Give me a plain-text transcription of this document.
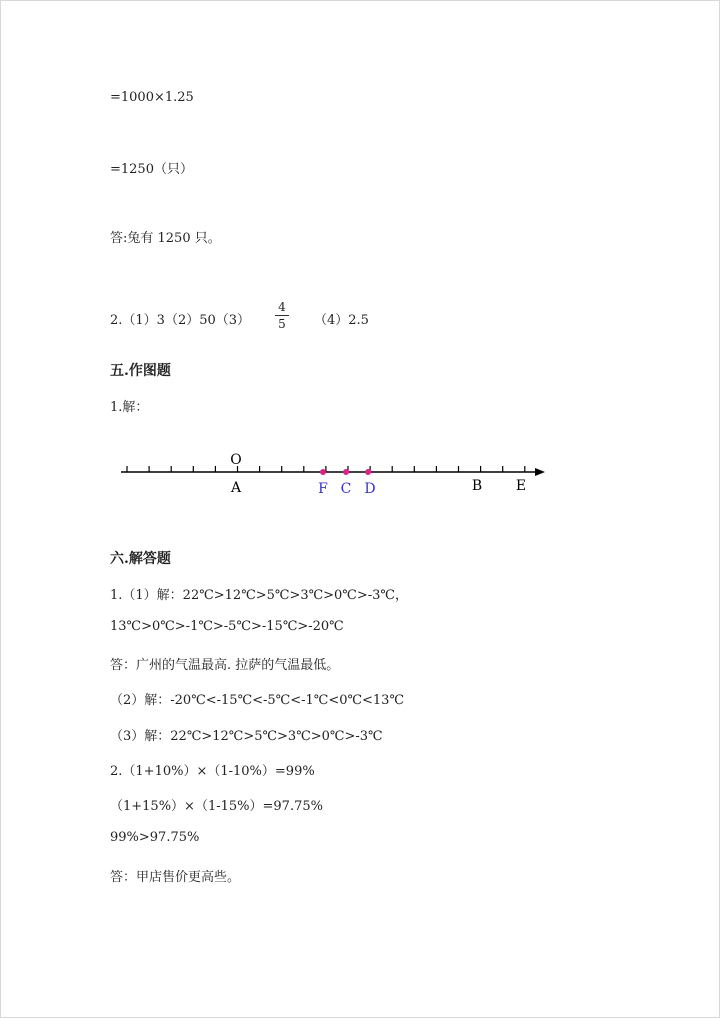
=1000×1.25
=1250（只）
答:兔有 1250 只。
2.（1）3（2）50（3）
4
5 （4）2.5
五.作图题
1.解：
O
A	F C D	B E
六.解答题
1.（1）解：22℃>12℃>5℃>3℃>0℃>-3℃，
13℃>0℃>-1℃>-5℃>-15℃>-20℃
答：广州的气温最高. 拉萨的气温最低。
（2）解：-20℃<-15℃<-5℃<-1℃<0℃<13℃
（3）解：22℃>12℃>5℃>3℃>0℃>-3℃
2.（1+10%）×（1-10%）=99%
（1+15%）×（1-15%）=97.75%
99%>97.75%
答：甲店售价更高些。
